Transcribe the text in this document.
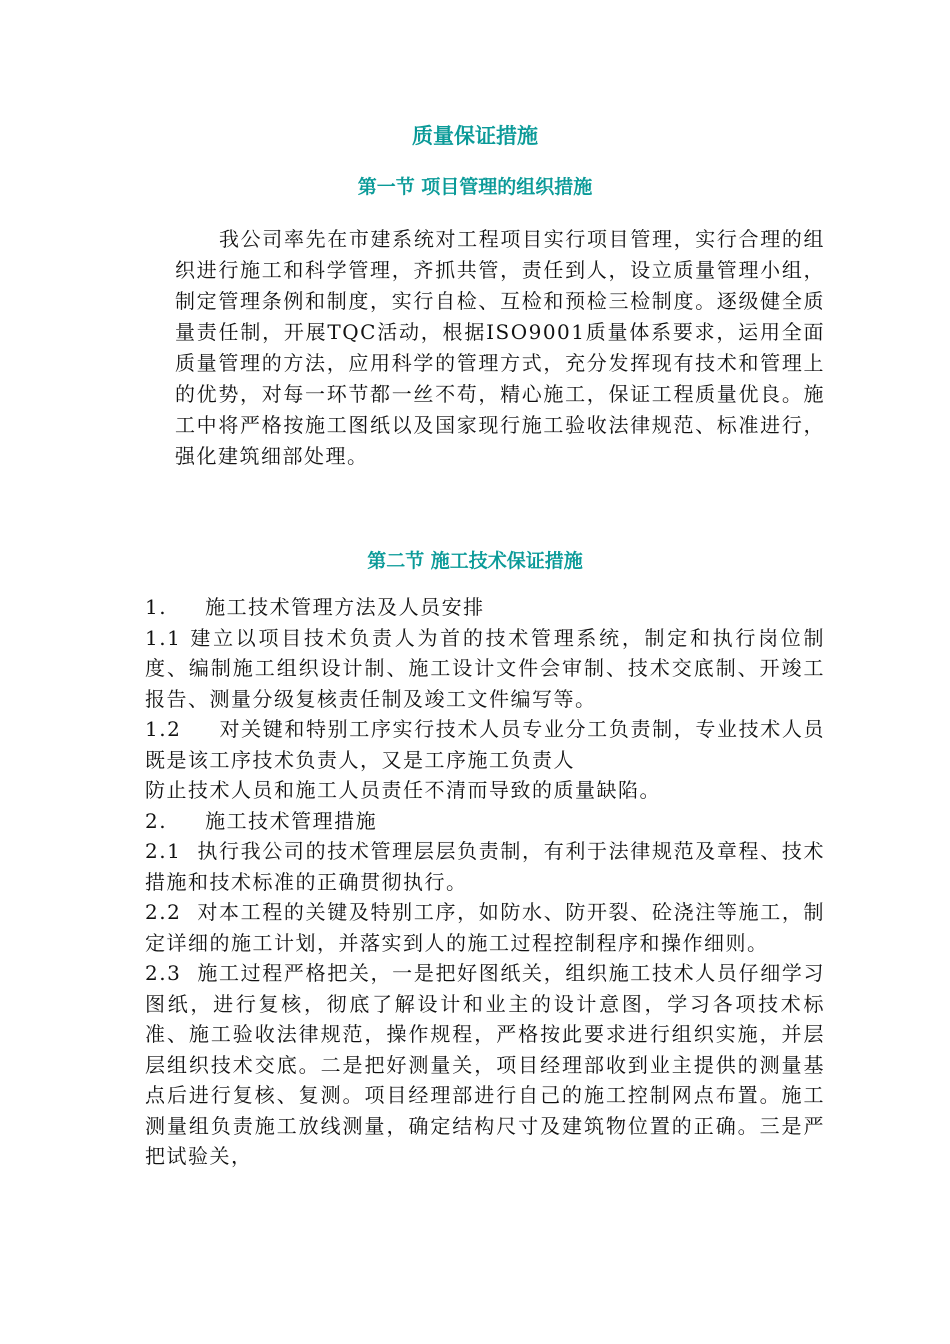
质量保证措施
第一节 项目管理的组织措施

我公司率先在市建系统对工程项目实行项目管理，实行合理的组织进行施工和科学管理，齐抓共管，责任到人，设立质量管理小组，制定管理条例和制度，实行自检、互检和预检三检制度。逐级健全质量责任制，开展TQC活动，根据ISO9001质量体系要求，运用全面质量管理的方法，应用科学的管理方式，充分发挥现有技术和管理上的优势，对每一环节都一丝不苟，精心施工，保证工程质量优良。施工中将严格按施工图纸以及国家现行施工验收法律规范、标准进行，强化建筑细部处理。

第二节 施工技术保证措施

1. 施工技术管理方法及人员安排

1.1 建立以项目技术负责人为首的技术管理系统，制定和执行岗位制度、编制施工组织设计制、施工设计文件会审制、技术交底制、开竣工报告、测量分级复核责任制及竣工文件编写等。

1.2 对关键和特别工序实行技术人员专业分工负责制，专业技术人员既是该工序技术负责人，又是工序施工负责人

防止技术人员和施工人员责任不清而导致的质量缺陷。

2. 施工技术管理措施

2.1 执行我公司的技术管理层层负责制，有利于法律规范及章程、技术措施和技术标准的正确贯彻执行。

2.2 对本工程的关键及特别工序，如防水、防开裂、砼浇注等施工，制定详细的施工计划，并落实到人的施工过程控制程序和操作细则。

2.3 施工过程严格把关，一是把好图纸关，组织施工技术人员仔细学习图纸，进行复核，彻底了解设计和业主的设计意图，学习各项技术标准、施工验收法律规范，操作规程，严格按此要求进行组织实施，并层层组织技术交底。二是把好测量关，项目经理部收到业主提供的测量基点后进行复核、复测。项目经理部进行自己的施工控制网点布置。施工测量组负责施工放线测量，确定结构尺寸及建筑物位置的正确。三是严把试验关，
